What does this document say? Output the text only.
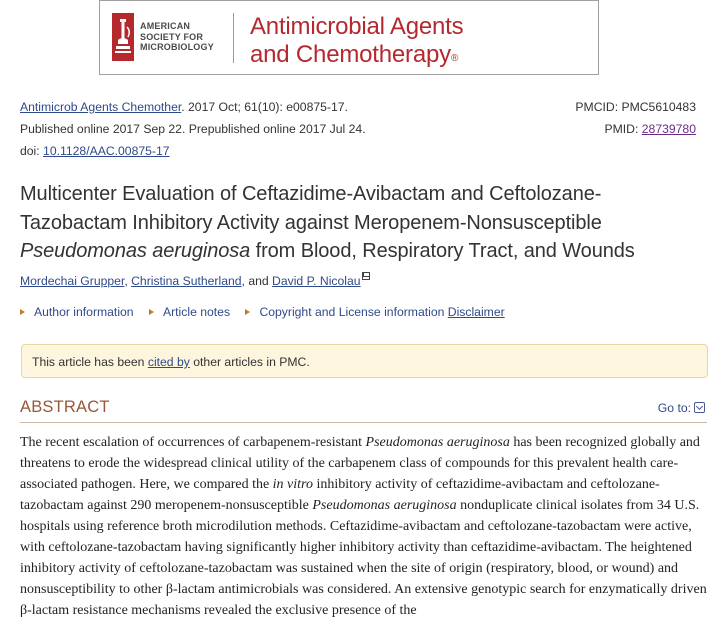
AMERICAN
SOCIETY FOR
MICROBIOLOGY
Antimicrobial Agents
and Chemotherapy®
Antimicrob Agents Chemother. 2017 Oct; 61(10): e00875-17.
Published online 2017 Sep 22. Prepublished online 2017 Jul 24.
doi: 10.1128/AAC.00875-17
PMCID: PMC5610483
PMID: 28739780
Multicenter Evaluation of Ceftazidime-Avibactam and Ceftolozane-Tazobactam Inhibitory Activity against Meropenem-Nonsusceptible Pseudomonas aeruginosa from Blood, Respiratory Tract, and Wounds
Mordechai Grupper, Christina Sutherland, and David P. Nicolau
Author information Article notes Copyright and License information Disclaimer
This article has been cited by other articles in PMC.
ABSTRACT	Go to:

The recent escalation of occurrences of carbapenem-resistant Pseudomonas aeruginosa has been recognized globally and threatens to erode the widespread clinical utility of the carbapenem class of compounds for this prevalent health care-associated pathogen. Here, we compared the in vitro inhibitory activity of ceftazidime-avibactam and ceftolozane-tazobactam against 290 meropenem-nonsusceptible Pseudomonas aeruginosa nonduplicate clinical isolates from 34 U.S. hospitals using reference broth microdilution methods. Ceftazidime-avibactam and ceftolozane-tazobactam were active, with ceftolozane-tazobactam having significantly higher inhibitory activity than ceftazidime-avibactam. The heightened inhibitory activity of ceftolozane-tazobactam was sustained when the site of origin (respiratory, blood, or wound) and nonsusceptibility to other β-lactam antimicrobials was considered. An extensive genotypic search for enzymatically driven β-lactam resistance mechanisms revealed the exclusive presence of the
